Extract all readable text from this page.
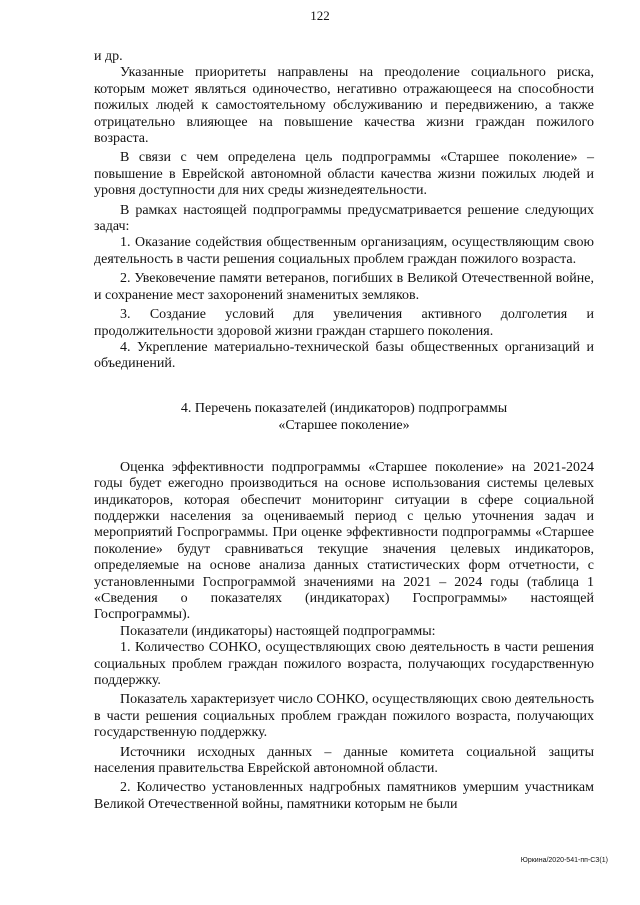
122

и др.

Указанные приоритеты направлены на преодоление социального риска, которым может являться одиночество, негативно отражающееся на способности пожилых людей к самостоятельному обслуживанию и передвижению, а также отрицательно влияющее на повышение качества жизни граждан пожилого возраста.

В связи с чем определена цель подпрограммы «Старшее поколение» – повышение в Еврейской автономной области качества жизни пожилых людей и уровня доступности для них среды жизнедеятельности.

В рамках настоящей подпрограммы предусматривается решение следующих задач:

1. Оказание содействия общественным организациям, осуществляющим свою деятельность в части решения социальных проблем граждан пожилого возраста.

2. Увековечение памяти ветеранов, погибших в Великой Отечественной войне, и сохранение мест захоронений знаменитых земляков.

3. Создание условий для увеличения активного долголетия и продолжительности здоровой жизни граждан старшего поколения.

4. Укрепление материально-технической базы общественных организаций и объединений.

4. Перечень показателей (индикаторов) подпрограммы
«Старшее поколение»

Оценка эффективности подпрограммы «Старшее поколение» на 2021-2024 годы будет ежегодно производиться на основе использования системы целевых индикаторов, которая обеспечит мониторинг ситуации в сфере социальной поддержки населения за оцениваемый период с целью уточнения задач и мероприятий Госпрограммы. При оценке эффективности подпрограммы «Старшее поколение» будут сравниваться текущие значения целевых индикаторов, определяемые на основе анализа данных статистических форм отчетности, с установленными Госпрограммой значениями на 2021 – 2024 годы (таблица 1 «Сведения о показателях (индикаторах) Госпрограммы» настоящей Госпрограммы).

Показатели (индикаторы) настоящей подпрограммы:

1. Количество СОНКО, осуществляющих свою деятельность в части решения социальных проблем граждан пожилого возраста, получающих государственную поддержку.

Показатель характеризует число СОНКО, осуществляющих свою деятельность в части решения социальных проблем граждан пожилого возраста, получающих государственную поддержку.

Источники исходных данных – данные комитета социальной защиты населения правительства Еврейской автономной области.

2. Количество установленных надгробных памятников умершим участникам Великой Отечественной войны, памятники которым не были

Юркина/2020-541-пп-СЗ(1)
